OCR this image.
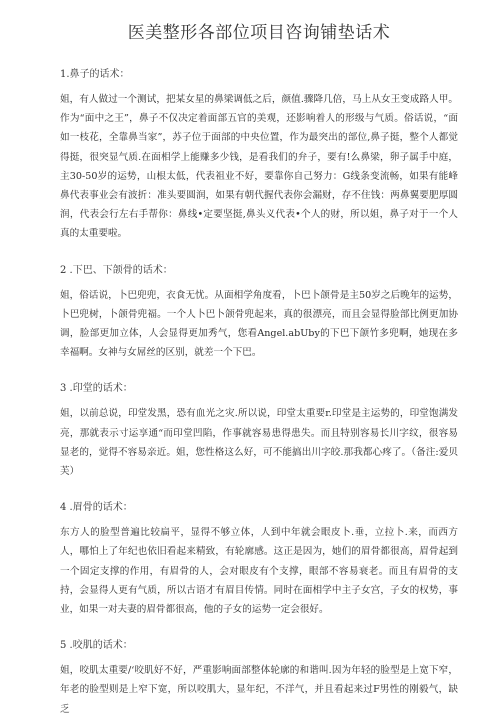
医美整形各部位项目咨询铺垫话术

1.鼻子的话术：

姐，有人做过一个测试，把某女星的鼻梁调低之后，颜值.骤降几倍，马上从女王变成路人甲。作为“面中之王”，鼻子不仅决定着面部五官的美观，还影响着人的形级与气质。俗话说，“面如一枝花，全靠鼻当家”，苏子位于面部的中央位置，作为最突出的部位,鼻子挺，整个人都觉得挺，很突显气质.在面相学上能赚多少钱，是看我们的弁子，要有!么鼻梁，卵子属手中庭，主30-50岁的运势，山根太低，代表祖业不好，要靠你自己努力：G线条变流畅，如果有能峰鼻代表事业会有波折：准头要圆润，如果有朝代握代表你会漏财，存不住钱：两鼻翼要肥厚圆润，代表会行左右手帮你：鼻线•定要坚挺,鼻头义代表•个人的财，所以姐，鼻子对于一个人真的太重要啦。

2 .下巴、下颌骨的话术：

姐，俗话说，卜巴兜兜，衣食无忧。从面相学角度看，卜巴卜颌骨是主50岁之后晚年的运势，卜巴兜树，卜颌骨兜福。一个人卜巴卜颌骨兜起来，真的很漂亮，而且会显得脸部比例更加协调，脸部更加立体，人会显得更加秀气，您看Angel.abUby的下巴下颌竹多兜啊，她现在多幸福啊。女神与女屌丝的区别，就差一个下巴。

3 .印堂的话术：

姐，以前总说，印堂发黑，恐有血光之灾.所以说，印堂太重要r.印堂是主运势的，印堂饱满发亮，那就表示寸运享通“而印堂凹陷，作事就容易患得患失。而且特别容易长川字纹，很容易显老的，觉得不容易亲近。姐，您性格这么好，可不能搞出川字皎.那我都心疼了。（备注:爱贝芙）

4 .眉骨的话术：

东方人的脸型普遍比较扁平，显得不够立体，人到中年就会眼皮卜.垂，立拉卜.来，而西方人，哪怕上了年纪也依旧看起来精致，有轮廓感。这正是因为，她们的眉骨都很高，眉骨起到一个固定支撑的作用，有眉骨的人，会对眼皮有个支撑，眼部不容易衰老。而且有眉骨的支持，会显得人更有气质，所以古语才有眉目传情。同时在面相学中主子女宫，子女的权势，事业，如果一对夫妻的眉骨都很高，他的子女的运势一定会很好。

5 .咬肌的话术：

姐，咬肌太重要/‘咬肌好不好，严重影响面部整体轮廓的和谐叫.因为年轻的脸型是上宽下窄，年老的脸型则是上窄下宽，所以咬肌大，显年纪，不洋气，并且看起来过F男性的刚毅气，缺乏
